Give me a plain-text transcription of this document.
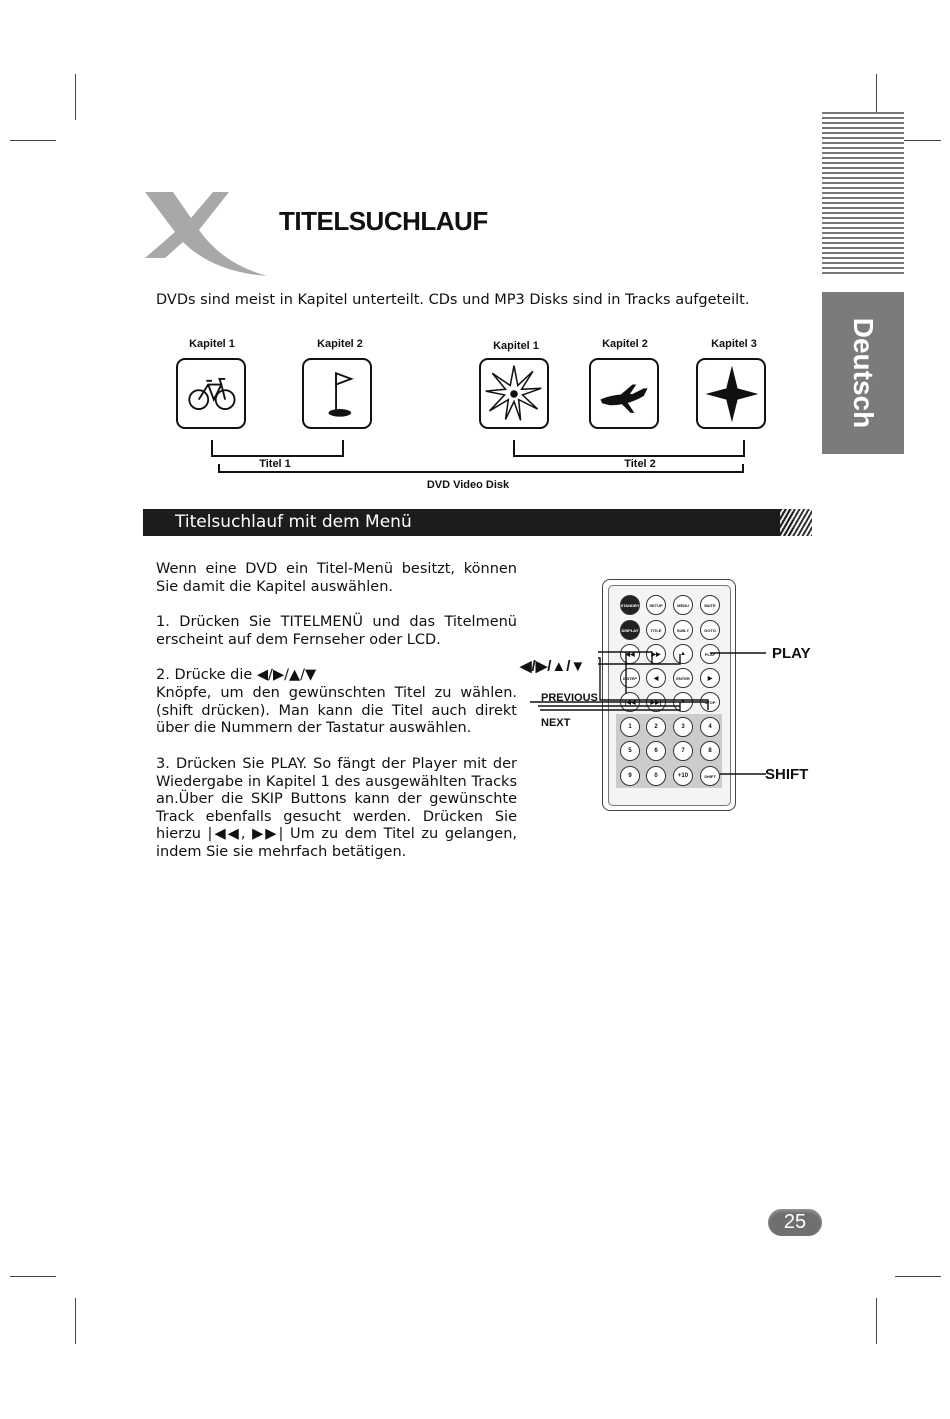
Deutsch
TITELSUCHLAUF
DVDs sind meist in Kapitel unterteilt. CDs und MP3 Disks sind in Tracks aufgeteilt.
Kapitel 1	Kapitel 2	Kapitel 1	Kapitel 2	Kapitel 3
Titel 1	Titel 2
DVD Video Disk
Titelsuchlauf mit dem Menü

Wenn eine DVD ein Titel-Menü besitzt, können Sie damit die Kapitel auswählen.

1. Drücken Sie TITELMENÜ und das Titelmenü erscheint auf dem Fernseher oder LCD.

2. Drücke die ◀/▶/▲/▼

Knöpfe, um den gewünschten Titel zu wählen. (shift drücken). Man kann die Titel auch direkt über die Nummern der Tastatur auswählen.

3. Drücken Sie PLAY. So fängt der Player mit der Wiedergabe in Kapitel 1 des ausgewählten Tracks an.Über die SKIP Buttons kann der gewünschte Track ebenfalls gesucht werden. Drücken Sie hierzu |◀◀, ▶▶| Um zu dem Titel zu gelangen, indem Sie sie mehrfach betätigen.

STANDBY	SETUP	MENU	MUTE
DISPLAY	TITLE	SUB-T	GOTO
◀◀	▶▶	▲	PLAY
II/STEP	◀	ENTER	▶
|◀◀	▶▶|	▼	STOP
1	2	3	4
5	6	7	8
9	0	+10	SHIFT
◀/▶/▲/▼
PLAY
PREVIOUS
NEXT
SHIFT
25
